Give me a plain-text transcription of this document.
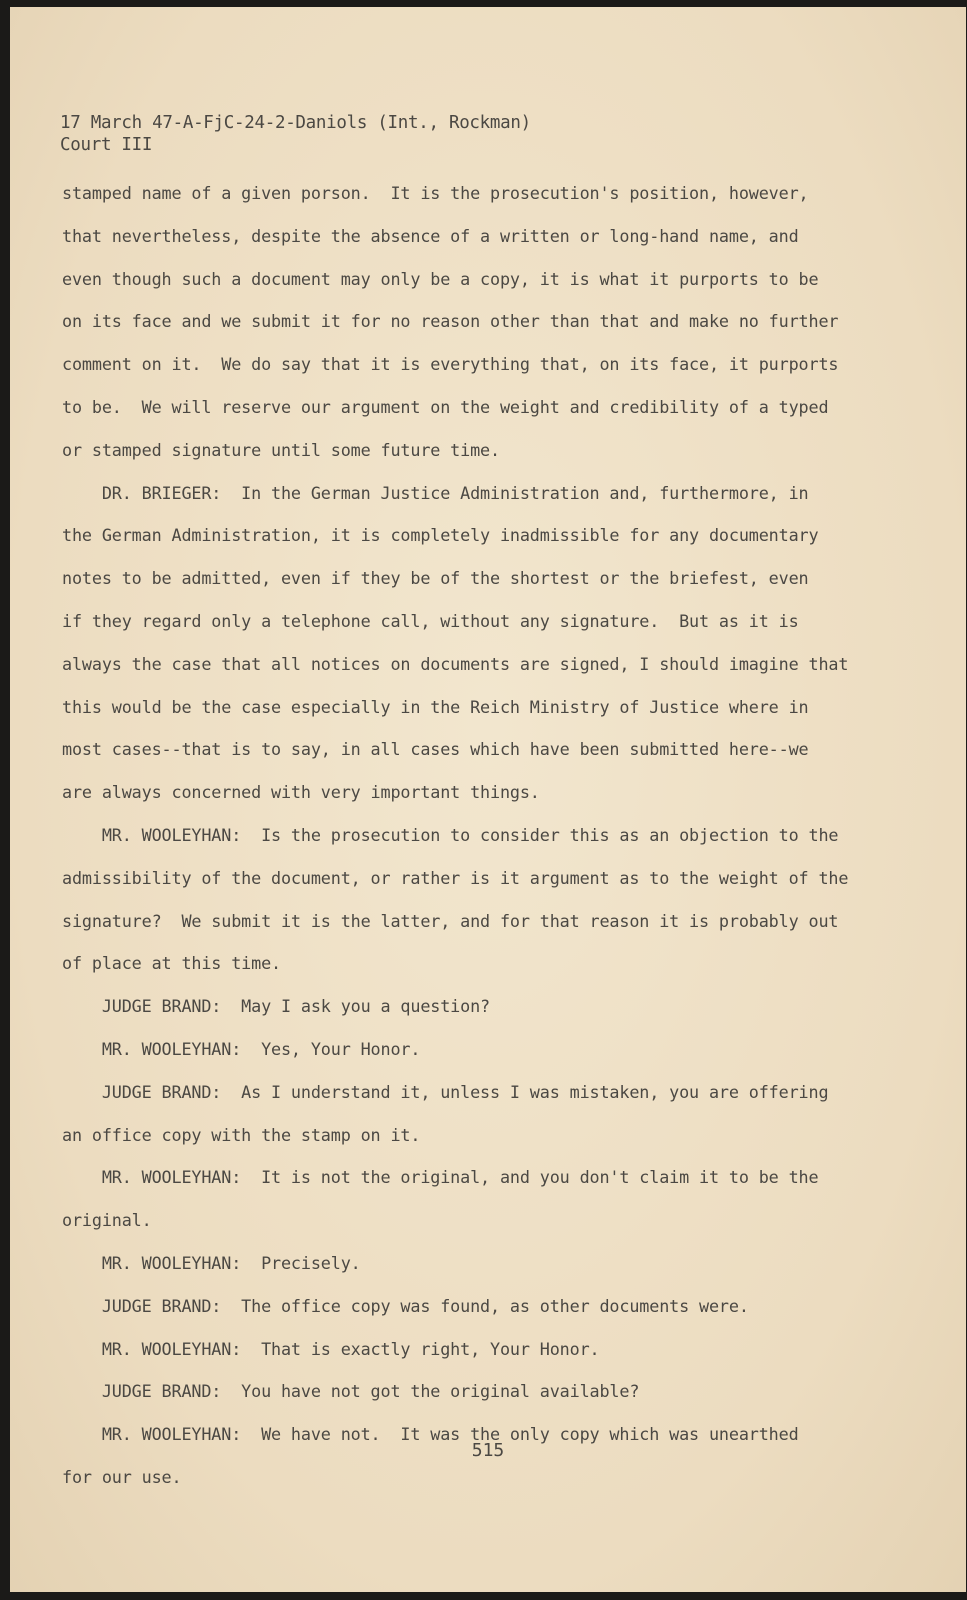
17 March 47-A-FjC-24-2-Daniols (Int., Rockman)
Court III
stamped name of a given porson.  It is the prosecution's position, however,
that nevertheless, despite the absence of a written or long-hand name, and
even though such a document may only be a copy, it is what it purports to be
on its face and we submit it for no reason other than that and make no further
comment on it.  We do say that it is everything that, on its face, it purports
to be.  We will reserve our argument on the weight and credibility of a typed
or stamped signature until some future time.
DR. BRIEGER:  In the German Justice Administration and, furthermore, in
the German Administration, it is completely inadmissible for any documentary
notes to be admitted, even if they be of the shortest or the briefest, even
if they regard only a telephone call, without any signature.  But as it is
always the case that all notices on documents are signed, I should imagine that
this would be the case especially in the Reich Ministry of Justice where in
most cases--that is to say, in all cases which have been submitted here--we
are always concerned with very important things.
MR. WOOLEYHAN:  Is the prosecution to consider this as an objection to the
admissibility of the document, or rather is it argument as to the weight of the
signature?  We submit it is the latter, and for that reason it is probably out
of place at this time.
JUDGE BRAND:  May I ask you a question?
MR. WOOLEYHAN:  Yes, Your Honor.
JUDGE BRAND:  As I understand it, unless I was mistaken, you are offering
an office copy with the stamp on it.
MR. WOOLEYHAN:  It is not the original, and you don't claim it to be the
original.
MR. WOOLEYHAN:  Precisely.
JUDGE BRAND:  The office copy was found, as other documents were.
MR. WOOLEYHAN:  That is exactly right, Your Honor.
JUDGE BRAND:  You have not got the original available?
MR. WOOLEYHAN:  We have not.  It was the only copy which was unearthed
for our use.
515
